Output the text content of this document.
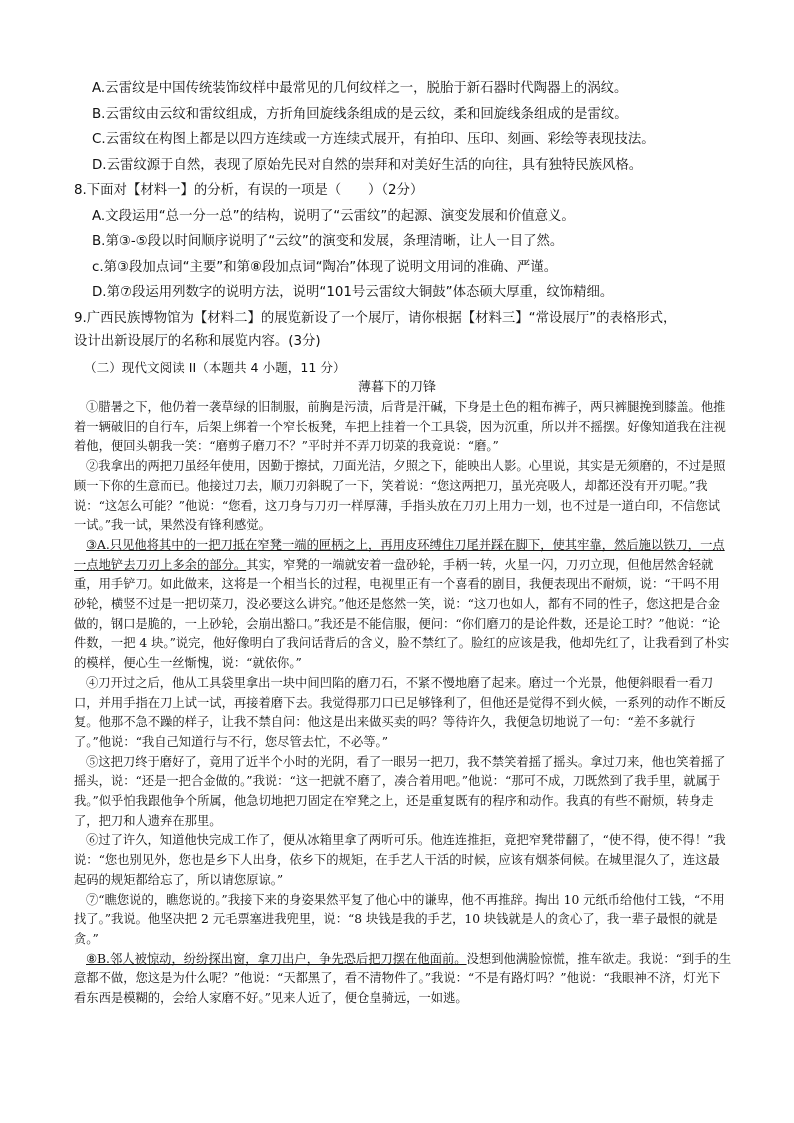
A.云雷纹是中国传统装饰纹样中最常见的几何纹样之一，脱胎于新石器时代陶器上的涡纹。
B.云雷纹由云纹和雷纹组成，方折角回旋线条组成的是云纹，柔和回旋线条组成的是雷纹。
C.云雷纹在构图上都是以四方连续或一方连续式展开，有拍印、压印、刻画、彩绘等表现技法。
D.云雷纹源于自然，表现了原始先民对自然的崇拜和对美好生活的向往，具有独特民族风格。
8.下面对【材料一】的分析，有误的一项是（　　）（2分）
A.文段运用“总一分一总”的结构，说明了“云雷纹”的起源、演变发展和价值意义。
B.第③-⑤段以时间顺序说明了“云纹”的演变和发展，条理清晰，让人一目了然。
c.第③段加点词“主要”和第⑧段加点词“陶冶”体现了说明文用词的准确、严谨。
D.第⑦段运用列数字的说明方法，说明“101号云雷纹大铜鼓”体态硕大厚重，纹饰精细。
9.广西民族博物馆为【材料二】的展览新设了一个展厅，请你根据【材料三】“常设展厅”的表格形式，
设计出新设展厅的名称和展览内容。(3分)
（二）现代文阅读 II（本题共 4 小题，11 分）
薄暮下的刀锋

①腊暑之下，他仍着一袭草绿的旧制服，前胸是污渍，后背是汗碱，下身是土色的粗布裤子，两只裤腿挽到膝盖。他推着一辆破旧的自行车，后架上绑着一个窄长板凳，车把上挂着一个工具袋，因为沉重，所以并不摇摆。好像知道我在注视着他，便回头朝我一笑：“磨剪子磨刀不？”平时并不弄刀切菜的我竟说：“磨。”

②我拿出的两把刀虽经年使用，因勤于擦拭，刀面光洁，夕照之下，能映出人影。心里说，其实是无须磨的，不过是照顾一下你的生意而已。他接过刀去，顺刀刃斜睨了一下，笑着说：“您这两把刀，虽光亮吸人，却都还没有开刃呢。”我说：“这怎么可能？”他说：“您看，这刀身与刀刃一样厚薄，手指头放在刀刃上用力一划，也不过是一道白印，不信您试一试。”我一试，果然没有锋利感觉。

③A.只见他将其中的一把刀抵在窄凳一端的匣柄之上，再用皮环缚住刀尾并踩在脚下，使其牢靠，然后施以铁刀，一点一点地铲去刀刃上多余的部分。其实，窄凳的一端就安着一盘砂轮，手柄一转，火星一闪，刀刃立现，但他居然舍轻就重，用手铲刀。如此做来，这将是一个相当长的过程，电视里正有一个喜看的剧目，我便表现出不耐烦，说：“干吗不用砂轮，横竖不过是一把切菜刀，没必要这么讲究。”他还是悠然一笑，说：“这刀也如人，都有不同的性子，您这把是合金做的，钢口是脆的，一上砂轮，会崩出豁口。”我还是不能信服，便问：“你们磨刀的是论件数，还是论工时？”他说：“论件数，一把 4 块。”说完，他好像明白了我问话背后的含义，脸不禁红了。脸红的应该是我，他却先红了，让我看到了朴实的模样，便心生一丝惭愧，说：“就依你。”

④刀开过之后，他从工具袋里拿出一块中间凹陷的磨刀石，不紧不慢地磨了起来。磨过一个光景，他便斜眼看一看刀口，并用手指在刀上试一试，再接着磨下去。我觉得那刀口已足够锋利了，但他还是觉得不到火候，一系列的动作不断反复。他那不急不躁的样子，让我不禁自问：他这是出来做买卖的吗？等待许久，我便急切地说了一句：“差不多就行了。”他说：“我自己知道行与不行，您尽管去忙，不必等。”

⑤这把刀终于磨好了，竟用了近半个小时的光阴，看了一眼另一把刀，我不禁笑着摇了摇头。拿过刀来，他也笑着摇了摇头，说：“还是一把合金做的。”我说：“这一把就不磨了，凑合着用吧。”他说：“那可不成，刀既然到了我手里，就属于我。”似乎怕我跟他争个所属，他急切地把刀固定在窄凳之上，还是重复既有的程序和动作。我真的有些不耐烦，转身走了，把刀和人遗弃在那里。

⑥过了许久，知道他快完成工作了，便从冰箱里拿了两听可乐。他连连推拒，竟把窄凳带翻了，“使不得，使不得！”我说：“您也别见外，您也是乡下人出身，依乡下的规矩，在手艺人干活的时候，应该有烟茶伺候。在城里混久了，连这最起码的规矩都给忘了，所以请您原谅。”

⑦“瞧您说的，瞧您说的。”我接下来的身姿果然平复了他心中的谦卑，他不再推辞。掏出 10 元纸币给他付工钱，“不用找了。”我说。他坚决把 2 元毛票塞进我兜里，说：“8 块钱是我的手艺，10 块钱就是人的贪心了，我一辈子最恨的就是贪。”

⑧B.邻人被惊动，纷纷探出窗，拿刀出户，争先恐后把刀摆在他面前。没想到他满脸惊慌，推车欲走。我说：“到手的生意都不做，您这是为什么呢？”他说：“天都黑了，看不清物件了。”我说：“不是有路灯吗？”他说：“我眼神不济，灯光下看东西是模糊的，会给人家磨不好。”见来人近了，便仓皇骑远，一如逃。
